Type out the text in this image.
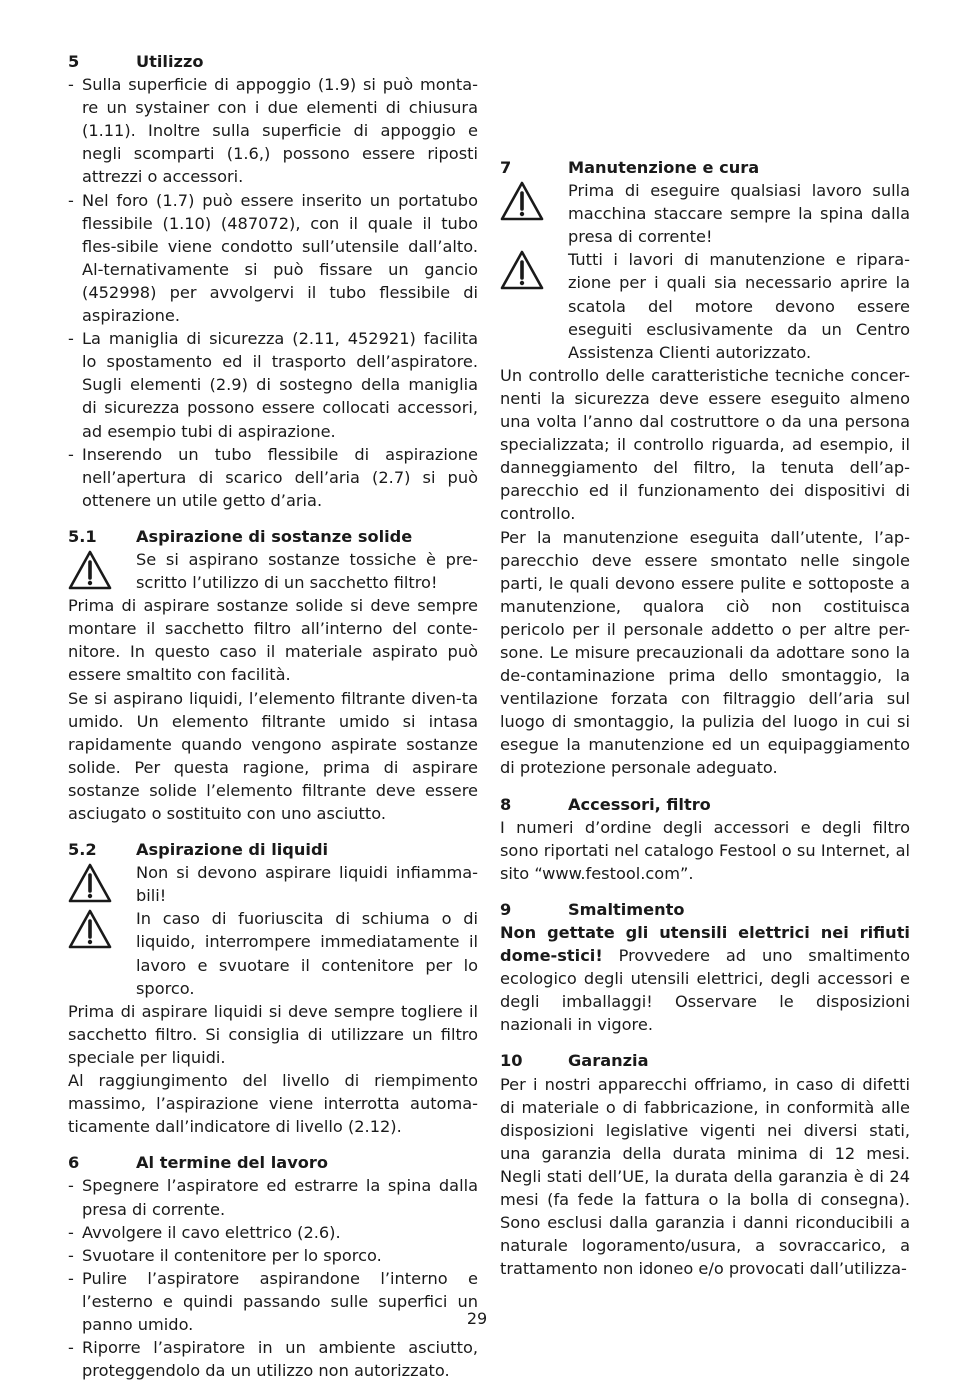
5	Utilizzo
- Sulla superficie di appoggio (1.9) si può monta-re un systainer con i due elementi di chiusura (1.11). Inoltre sulla superficie di appoggio e negli scomparti (1.6,) possono essere riposti attrezzi o accessori.
- Nel foro (1.7) può essere inserito un portatubo flessibile (1.10) (487072), con il quale il tubo fles-sibile viene condotto sull’utensile dall’alto. Al-ternativamente si può fissare un gancio (452998) per avvolgervi il tubo flessibile di aspirazione.
- La maniglia di sicurezza (2.11, 452921) facilita lo spostamento ed il trasporto dell’aspiratore. Sugli elementi (2.9) di sostegno della maniglia di sicurezza possono essere collocati accessori, ad esempio tubi di aspirazione.
- Inserendo un tubo flessibile di aspirazione nell’apertura di scarico dell’aria (2.7) si può ottenere un utile getto d’aria.
5.1 Aspirazione di sostanze solide
Se si aspirano sostanze tossiche è pre-scritto l’utilizzo di un sacchetto filtro!

Prima di aspirare sostanze solide si deve sempre montare il sacchetto filtro all’interno del conte-nitore. In questo caso il materiale aspirato può essere smaltito con facilità.

Se si aspirano liquidi, l’elemento filtrante diven-ta umido. Un elemento filtrante umido si intasa rapidamente quando vengono aspirate sostanze solide. Per questa ragione, prima di aspirare sostanze solide l’elemento filtrante deve essere asciugato o sostituito con uno asciutto.

5.2 Aspirazione di liquidi
Non si devono aspirare liquidi infiamma-bili!
In caso di fuoriuscita di schiuma o di liquido, interrompere immediatamente il lavoro e svuotare il contenitore per lo sporco.

Prima di aspirare liquidi si deve sempre togliere il sacchetto filtro. Si consiglia di utilizzare un filtro speciale per liquidi.

Al raggiungimento del livello di riempimento massimo, l’aspirazione viene interrotta automa-ticamente dall’indicatore di livello (2.12).

6	Al termine del lavoro
- Spegnere l’aspiratore ed estrarre la spina dalla presa di corrente.
- Avvolgere il cavo elettrico (2.6).
- Svuotare il contenitore per lo sporco.
- Pulire l’aspiratore aspirandone l’interno e l’esterno e quindi passando sulle superfici un panno umido.
- Riporre l’aspiratore in un ambiente asciutto, proteggendolo da un utilizzo non autorizzato.
7	Manutenzione e cura
Prima di eseguire qualsiasi lavoro sulla macchina staccare sempre la spina dalla presa di corrente!
Tutti i lavori di manutenzione e ripara-zione per i quali sia necessario aprire la scatola del motore devono essere eseguiti esclusivamente da un Centro Assistenza Clienti autorizzato.

Un controllo delle caratteristiche tecniche concer-nenti la sicurezza deve essere eseguito almeno una volta l’anno dal costruttore o da una persona specializzata; il controllo riguarda, ad esempio, il danneggiamento del filtro, la tenuta dell’ap-parecchio ed il funzionamento dei dispositivi di controllo.

Per la manutenzione eseguita dall’utente, l’ap-parecchio deve essere smontato nelle singole parti, le quali devono essere pulite e sottoposte a manutenzione, qualora ciò non costituisca pericolo per il personale addetto o per altre per-sone. Le misure precauzionali da adottare sono la de-contaminazione prima dello smontaggio, la ventilazione forzata con filtraggio dell’aria sul luogo di smontaggio, la pulizia del luogo in cui si esegue la manutenzione ed un equipaggiamento di protezione personale adeguato.

8	Accessori, filtro

I numeri d’ordine degli accessori e degli filtro sono riportati nel catalogo Festool o su Internet, al sito “www.festool.com”.

9	Smaltimento

Non gettate gli utensili elettrici nei rifiuti dome-stici! Provvedere ad uno smaltimento ecologico degli utensili elettrici, degli accessori e degli imballaggi! Osservare le disposizioni nazionali in vigore.

10	Garanzia

Per i nostri apparecchi offriamo, in caso di difetti di materiale o di fabbricazione, in conformità alle disposizioni legislative vigenti nei diversi stati, una garanzia della durata minima di 12 mesi. Negli stati dell’UE, la durata della garanzia è di 24 mesi (fa fede la fattura o la bolla di consegna). Sono esclusi dalla garanzia i danni riconducibili a naturale logoramento/usura, a sovraccarico, a trattamento non idoneo e/o provocati dall’utilizza-

29
